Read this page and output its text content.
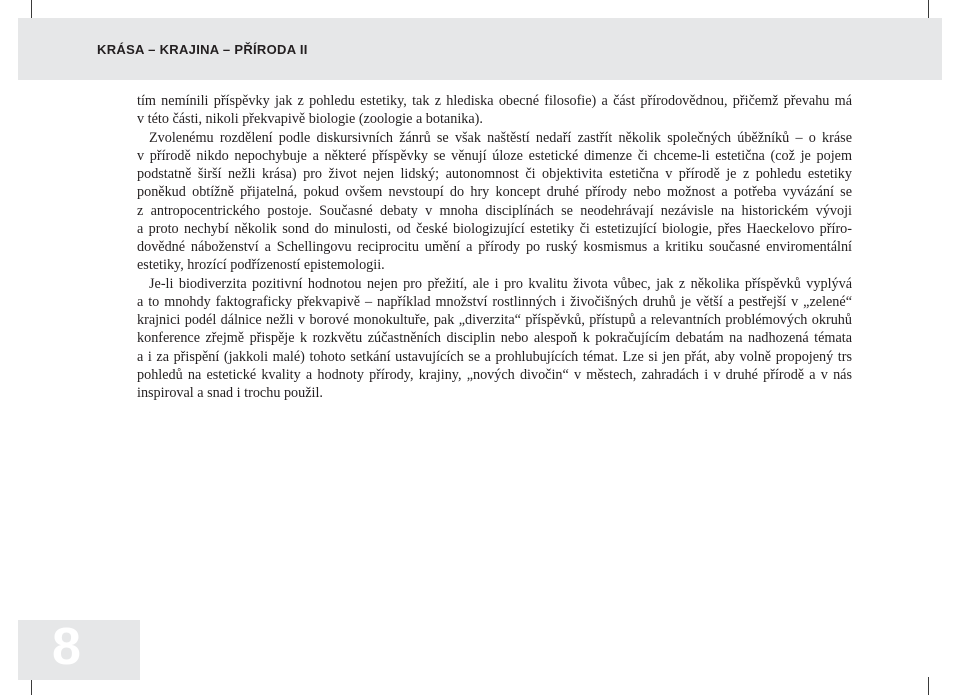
KRÁSA – KRAJINA – PŘÍRODA II
tím nemínili příspěvky jak z pohledu estetiky, tak z hlediska obecné filosofie) a část přírodovědnou, přičemž převahu má
v této části, nikoli překvapivě biologie (zoologie a botanika).
Zvolenému rozdělení podle diskursivních žánrů se však naštěstí nedaří zastřít několik společných úběžníků – o kráse
v přírodě nikdo nepochybuje a některé příspěvky se věnují úloze estetické dimenze či chceme-li estetična (což je pojem
podstatně širší nežli krása) pro život nejen lidský; autonomnost či objektivita estetična v přírodě je z pohledu estetiky
poněkud obtížně přijatelná, pokud ovšem nevstoupí do hry koncept druhé přírody nebo možnost a potřeba vyvázání se
z antropocentrického postoje. Současné debaty v mnoha disciplínách se neodehrávají nezávisle na historickém vývoji
a proto nechybí několik sond do minulosti, od české biologizující estetiky či estetizující biologie, přes Haeckelovo příro-
dovědné náboženství a Schellingovu reciprocitu umění a přírody po ruský kosmismus a kritiku současné enviromentální
estetiky, hrozící podřízeností epistemologii.
Je-li biodiverzita pozitivní hodnotou nejen pro přežití, ale i pro kvalitu života vůbec, jak z několika příspěvků vyplývá
a to mnohdy faktograficky překvapivě – například množství rostlinných i živočišných druhů je větší a pestřejší v „zelené“
krajnici podél dálnice nežli v borové monokultuře, pak „diverzita“ příspěvků, přístupů a relevantních problémových okruhů
konference zřejmě přispěje k rozkvětu zúčastněních disciplin nebo alespoň k pokračujícím debatám na nadhozená témata
a i za přispění (jakkoli malé) tohoto setkání ustavujících se a prohlubujících témat. Lze si jen přát, aby volně propojený trs
pohledů na estetické kvality a hodnoty přírody, krajiny, „nových divočin“ v městech, zahradách i v druhé přírodě a v nás
inspiroval a snad i trochu použil.
8
